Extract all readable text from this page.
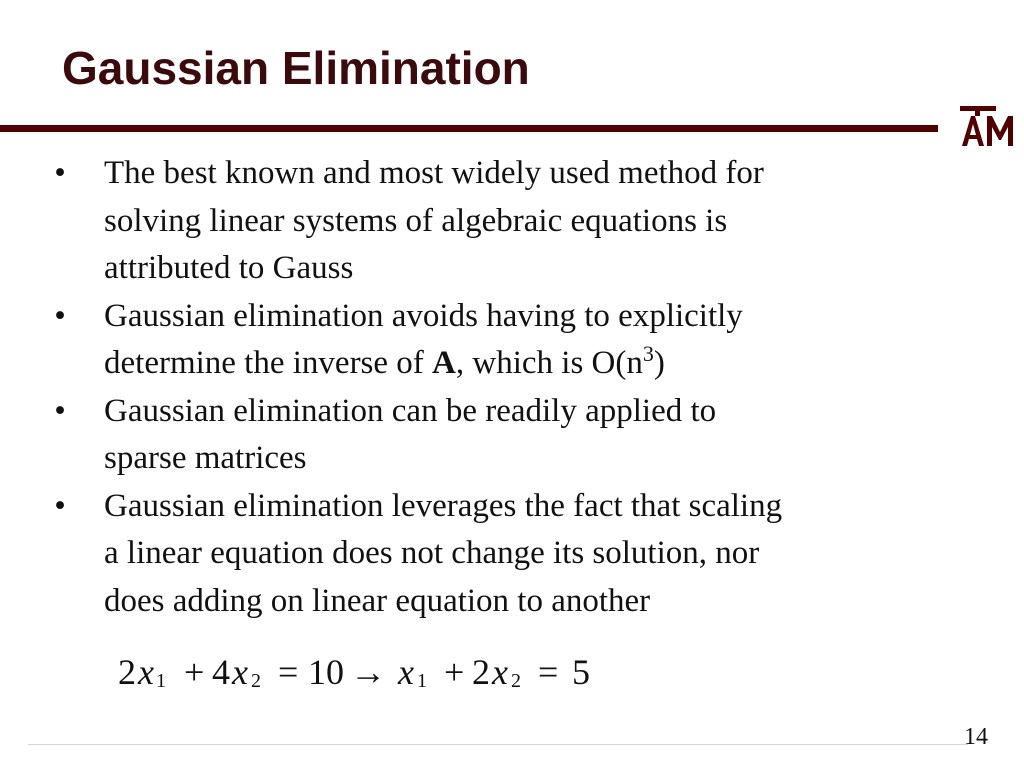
Gaussian Elimination
• The best known and most widely used method for
solving linear systems of algebraic equations is
attributed to Gauss
• Gaussian elimination avoids having to explicitly
determine the inverse of A, which is $O(n^3)$
• Gaussian elimination can be readily applied to
sparse matrices
• Gaussian elimination leverages the fact that scaling
a linear equation does not change its solution, nor
does adding on linear equation to another
2 x 1 + 4 x 2 = 10 → x 1 + 2 x 2 = 5
14
